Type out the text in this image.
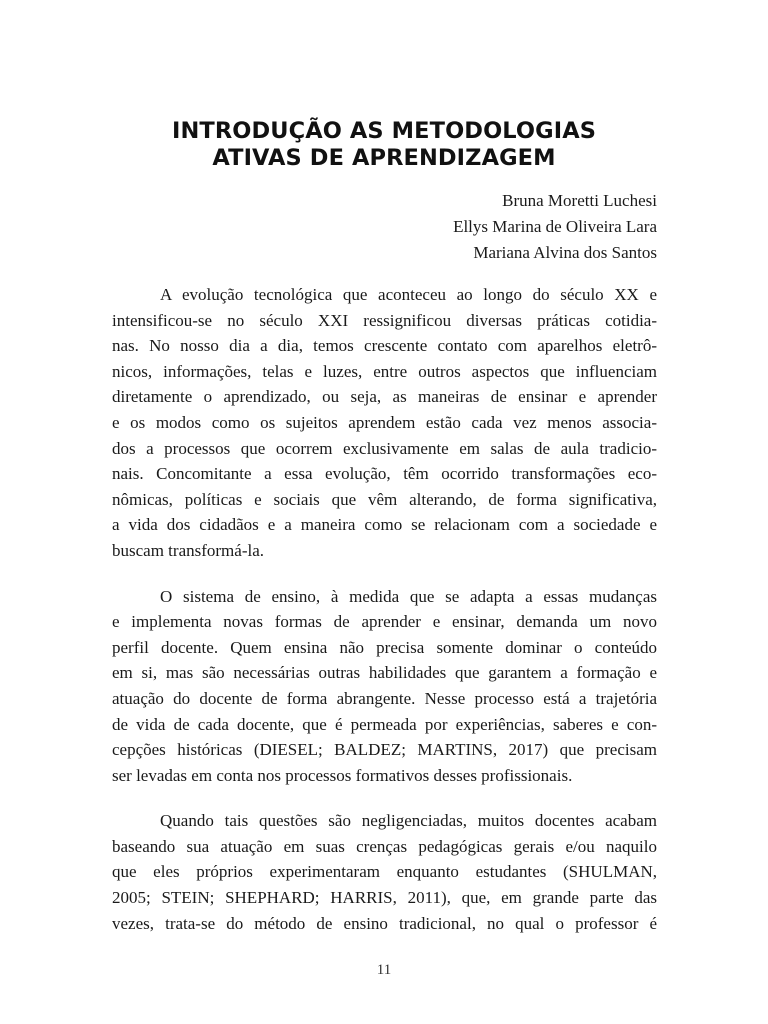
INTRODUÇÃO AS METODOLOGIAS
ATIVAS DE APRENDIZAGEM
Bruna Moretti Luchesi
Ellys Marina de Oliveira Lara
Mariana Alvina dos Santos

A evolução tecnológica que aconteceu ao longo do século XX e
intensificou-se no século XXI ressignificou diversas práticas cotidia-
nas. No nosso dia a dia, temos crescente contato com aparelhos eletrô-
nicos, informações, telas e luzes, entre outros aspectos que influenciam
diretamente o aprendizado, ou seja, as maneiras de ensinar e aprender
e os modos como os sujeitos aprendem estão cada vez menos associa-
dos a processos que ocorrem exclusivamente em salas de aula tradicio-
nais. Concomitante a essa evolução, têm ocorrido transformações eco-
nômicas, políticas e sociais que vêm alterando, de forma significativa,
a vida dos cidadãos e a maneira como se relacionam com a sociedade e
buscam transformá-la.

O sistema de ensino, à medida que se adapta a essas mudanças
e implementa novas formas de aprender e ensinar, demanda um novo
perfil docente. Quem ensina não precisa somente dominar o conteúdo
em si, mas são necessárias outras habilidades que garantem a formação e
atuação do docente de forma abrangente. Nesse processo está a trajetória
de vida de cada docente, que é permeada por experiências, saberes e con-
cepções históricas (DIESEL; BALDEZ; MARTINS, 2017) que precisam
ser levadas em conta nos processos formativos desses profissionais.

Quando tais questões são negligenciadas, muitos docentes acabam
baseando sua atuação em suas crenças pedagógicas gerais e/ou naquilo
que eles próprios experimentaram enquanto estudantes (SHULMAN,
2005; STEIN; SHEPHARD; HARRIS, 2011), que, em grande parte das
vezes, trata-se do método de ensino tradicional, no qual o professor é

11
